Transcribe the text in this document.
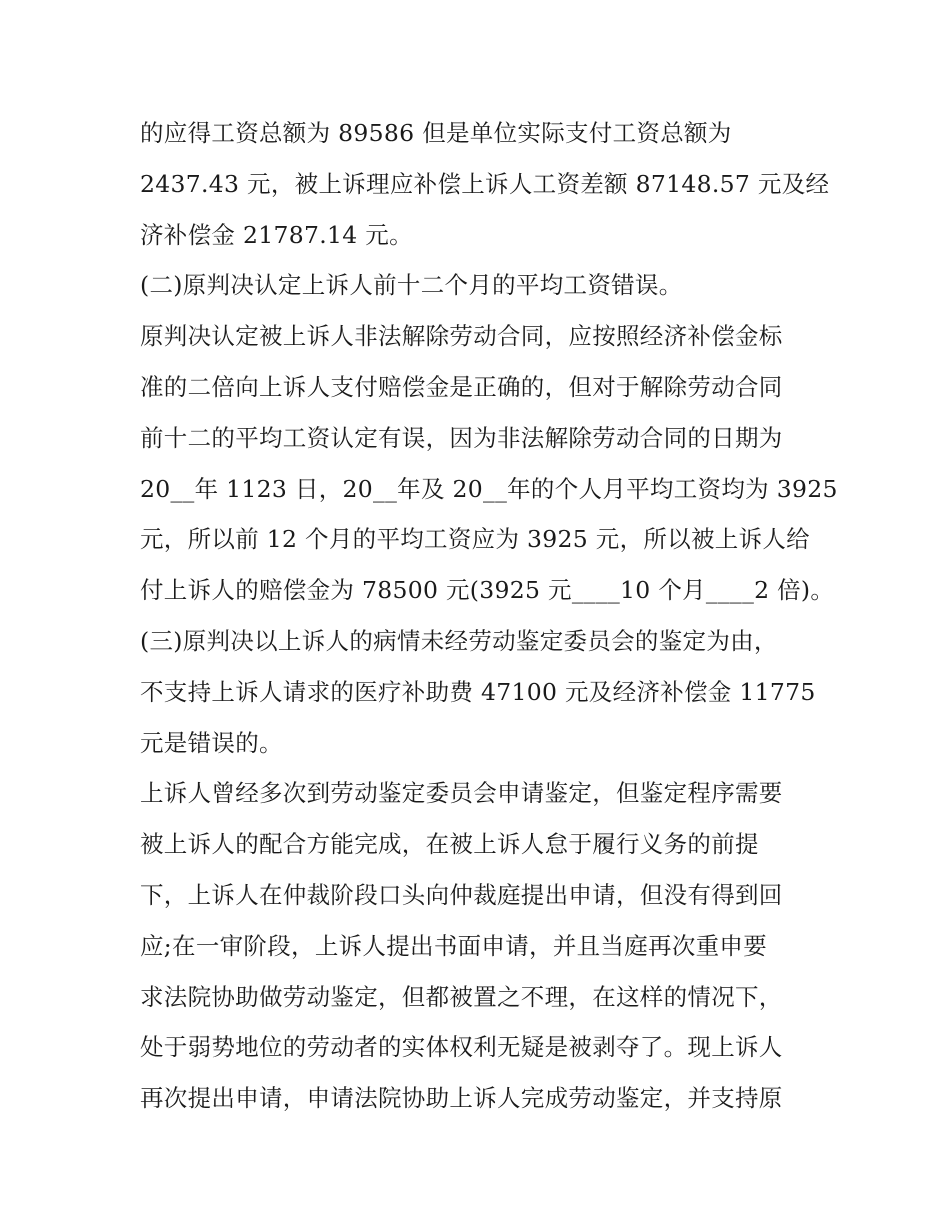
的应得工资总额为 89586 但是单位实际支付工资总额为
2437.43 元，被上诉理应补偿上诉人工资差额 87148.57 元及经
济补偿金 21787.14 元。
(二)原判决认定上诉人前十二个月的平均工资错误。
原判决认定被上诉人非法解除劳动合同，应按照经济补偿金标
准的二倍向上诉人支付赔偿金是正确的，但对于解除劳动合同
前十二的平均工资认定有误，因为非法解除劳动合同的日期为
20__年 1123 日，20__年及 20__年的个人月平均工资均为 3925
元，所以前 12 个月的平均工资应为 3925 元，所以被上诉人给
付上诉人的赔偿金为 78500 元(3925 元____10 个月____2 倍)。
(三)原判决以上诉人的病情未经劳动鉴定委员会的鉴定为由，
不支持上诉人请求的医疗补助费 47100 元及经济补偿金 11775
元是错误的。
上诉人曾经多次到劳动鉴定委员会申请鉴定，但鉴定程序需要
被上诉人的配合方能完成，在被上诉人怠于履行义务的前提
下，上诉人在仲裁阶段口头向仲裁庭提出申请，但没有得到回
应;在一审阶段，上诉人提出书面申请，并且当庭再次重申要
求法院协助做劳动鉴定，但都被置之不理，在这样的情况下，
处于弱势地位的劳动者的实体权利无疑是被剥夺了。现上诉人
再次提出申请，申请法院协助上诉人完成劳动鉴定，并支持原
